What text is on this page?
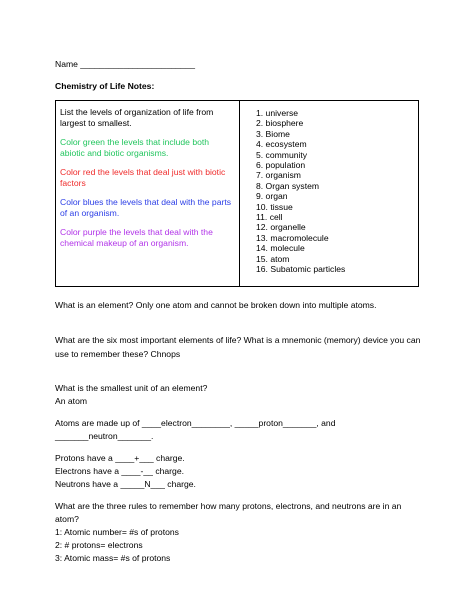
Name ________________________
Chemistry of Life Notes:

List the levels of organization of life from largest to smallest.

Color green the levels that include both abiotic and biotic organisms.

Color red the levels that deal just with biotic factors

Color blues the levels that deal with the parts of an organism.

Color purple the levels that deal with the chemical makeup of an organism.

1. universe
2. biosphere
3. Biome
4. ecosystem
5. community
6. population
7. organism
8. Organ system
9. organ
10. tissue
11. cell
12. organelle
13. macromolecule
14. molecule
15. atom
16. Subatomic particles
What is an element? Only one atom and cannot be broken down into multiple atoms.
What are the six most important elements of life? What is a mnemonic (memory) device you can
use to remember these? Chnops
What is the smallest unit of an element?
An atom
Atoms are made up of ____electron________, _____proton_______, and
_______neutron_______.
Protons have a ____+___ charge.
Electrons have a ____-__ charge.
Neutrons have a _____N___ charge.
What are the three rules to remember how many protons, electrons, and neutrons are in an
atom?
1: Atomic number= #s of protons
2: # protons= electrons
3: Atomic mass= #s of protons
